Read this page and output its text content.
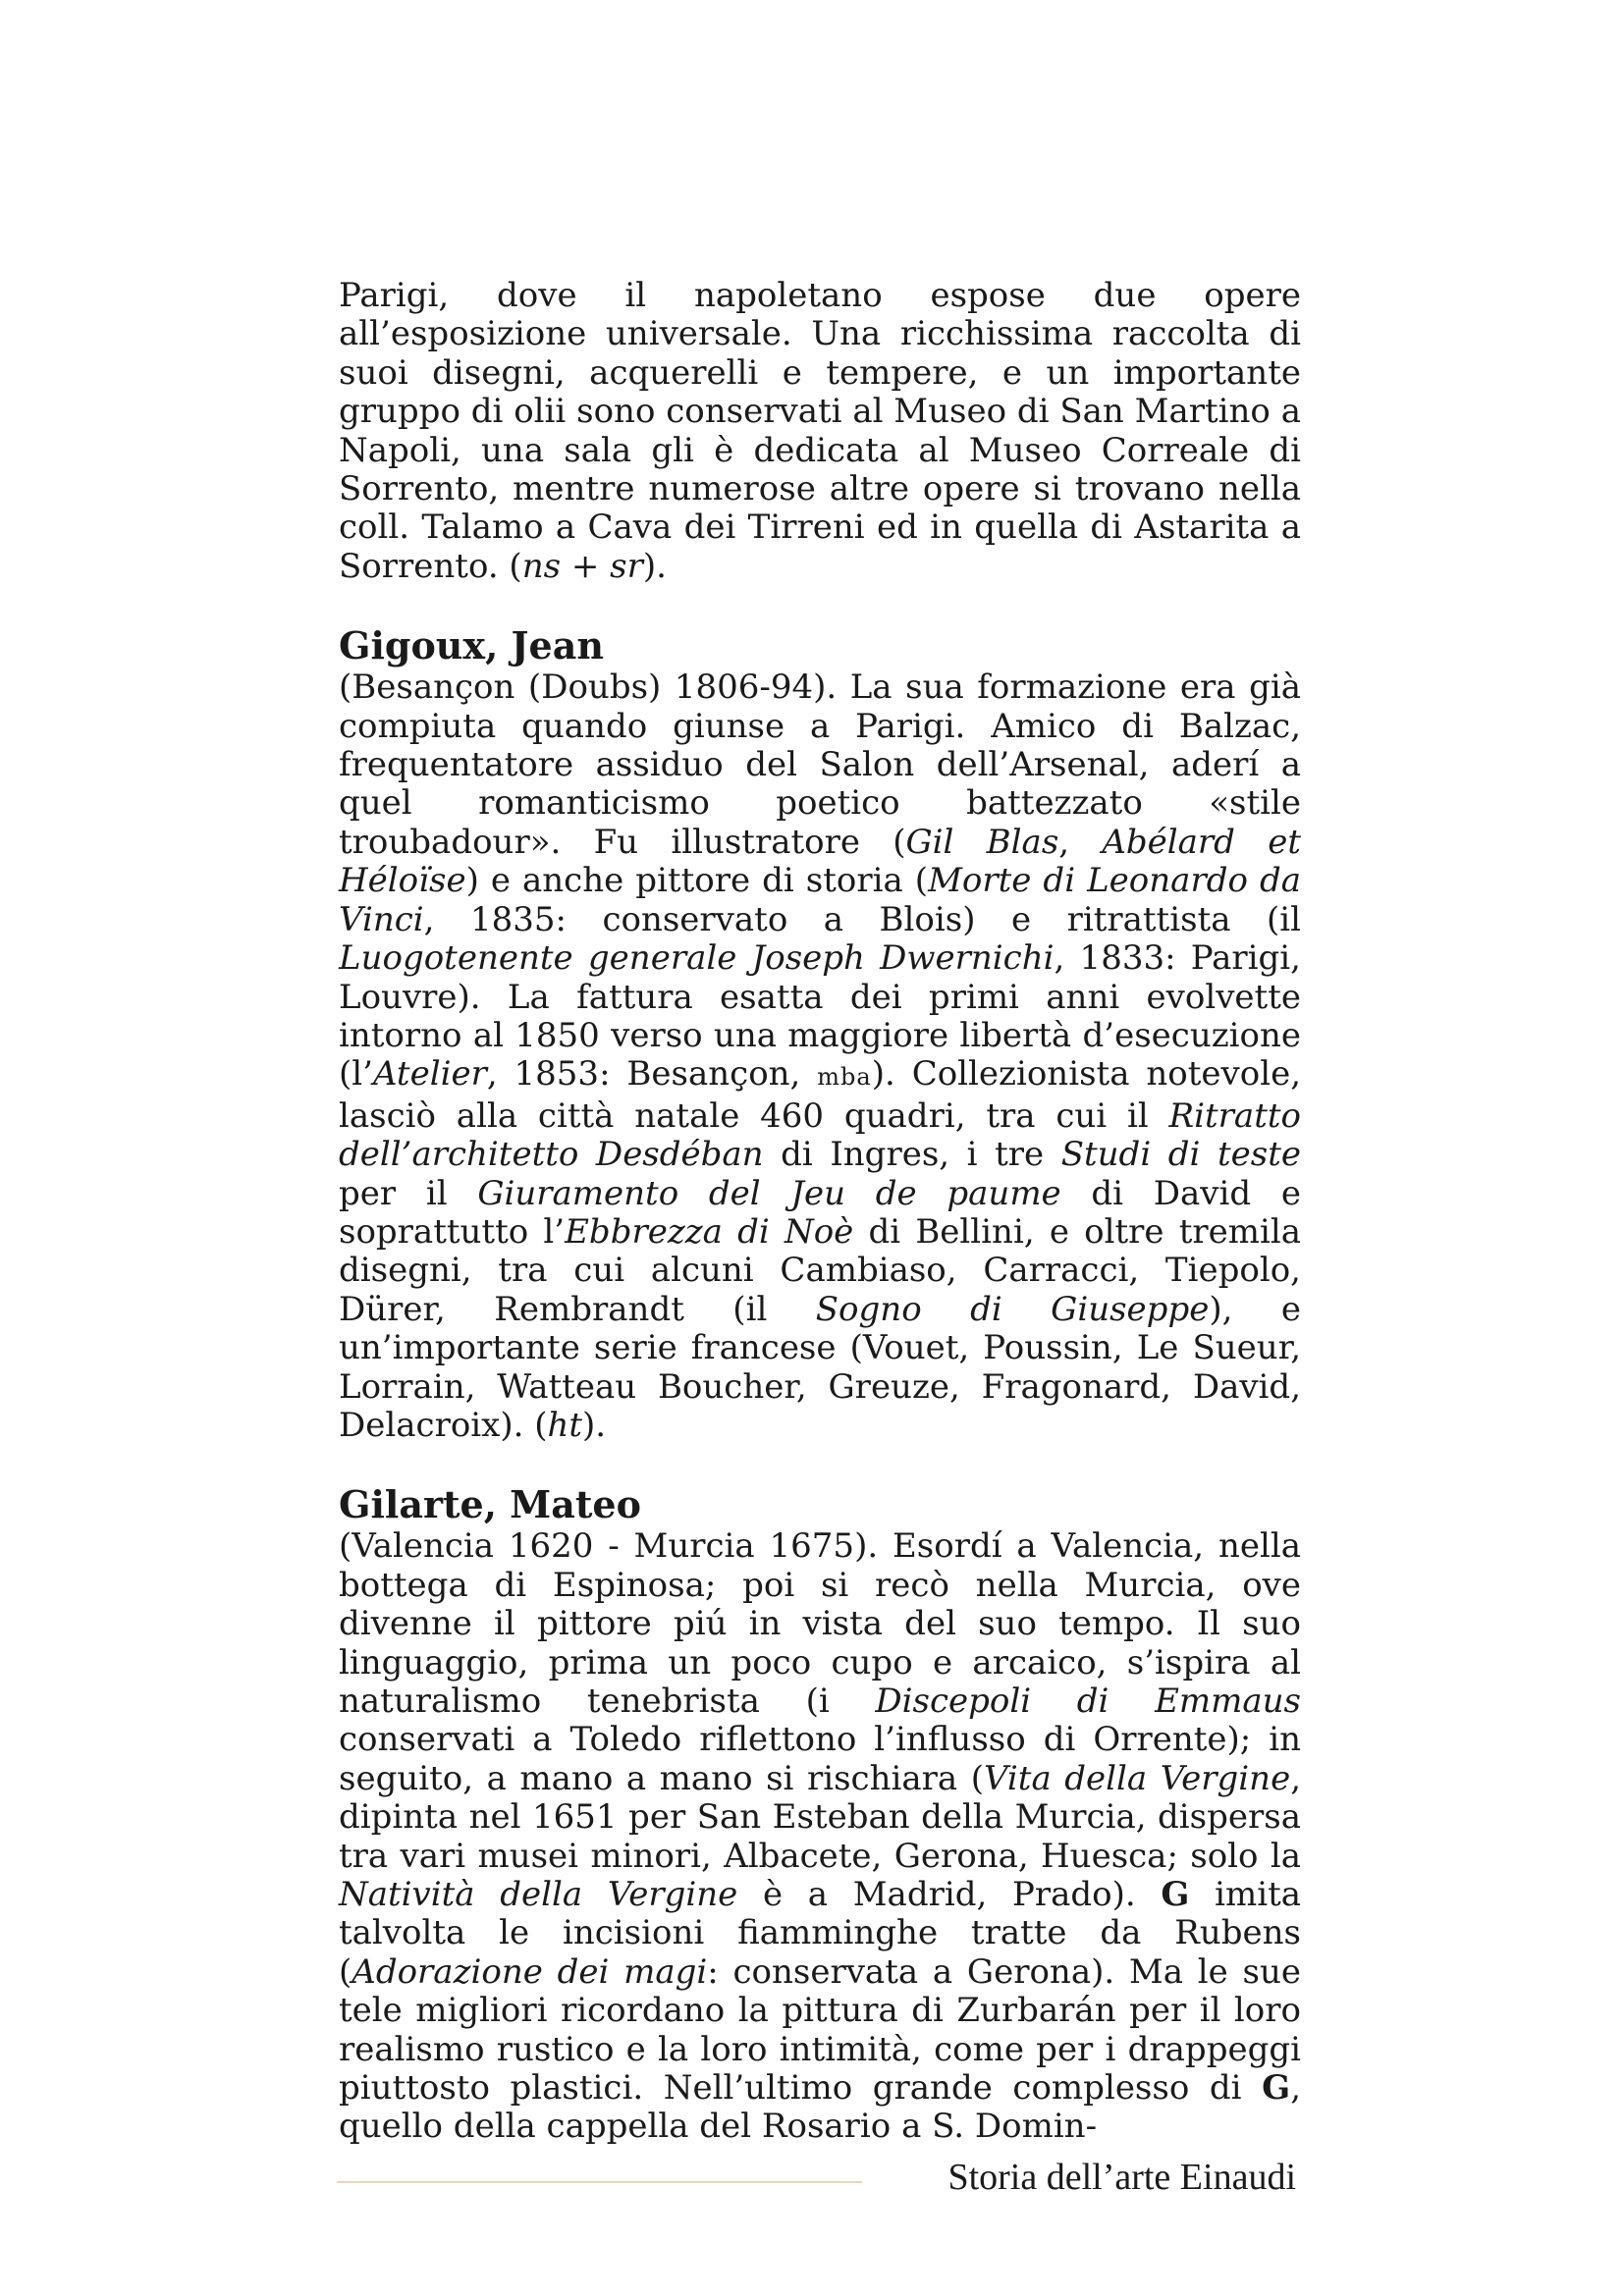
Parigi, dove il napoletano espose due opere all’esposizione universale. Una ricchissima raccolta di suoi disegni, acquerelli e tempere, e un importante gruppo di olii sono conservati al Museo di San Martino a Napoli, una sala gli è dedicata al Museo Correale di Sorrento, mentre numerose altre opere si trovano nella coll. Talamo a Cava dei Tirreni ed in quella di Astarita a Sorrento. (ns + sr).

Gigoux, Jean

(Besançon (Doubs) 1806-94). La sua formazione era già compiuta quando giunse a Parigi. Amico di Balzac, frequentatore assiduo del Salon dell’Arsenal, aderí a quel romanticismo poetico battezzato «stile troubadour». Fu illustratore (Gil Blas, Abélard et Héloïse) e anche pittore di storia (Morte di Leonardo da Vinci, 1835: conservato a Blois) e ritrattista (il Luogotenente generale Joseph Dwernichi, 1833: Parigi, Louvre). La fattura esatta dei primi anni evolvette intorno al 1850 verso una maggiore libertà d’esecuzione (l’Atelier, 1853: Besançon, mba). Collezionista notevole, lasciò alla città natale 460 quadri, tra cui il Ritratto dell’architetto Desdéban di Ingres, i tre Studi di teste per il Giuramento del Jeu de paume di David e soprattutto l’Ebbrezza di Noè di Bellini, e oltre tremila disegni, tra cui alcuni Cambiaso, Carracci, Tiepolo, Dürer, Rembrandt (il Sogno di Giuseppe), e un’importante serie francese (Vouet, Poussin, Le Sueur, Lorrain, Watteau Boucher, Greuze, Fragonard, David, Delacroix). (ht).

Gilarte, Mateo

(Valencia 1620 - Murcia 1675). Esordí a Valencia, nella bottega di Espinosa; poi si recò nella Murcia, ove divenne il pittore piú in vista del suo tempo. Il suo linguaggio, prima un poco cupo e arcaico, s’ispira al naturalismo tenebrista (i Discepoli di Emmaus conservati a Toledo riflettono l’influsso di Orrente); in seguito, a mano a mano si rischiara (Vita della Vergine, dipinta nel 1651 per San Esteban della Murcia, dispersa tra vari musei minori, Albacete, Gerona, Huesca; solo la Natività della Vergine è a Madrid, Prado). G imita talvolta le incisioni fiamminghe tratte da Rubens (Adorazione dei magi: conservata a Gerona). Ma le sue tele migliori ricordano la pittura di Zurbarán per il loro realismo rustico e la loro intimità, come per i drappeggi piuttosto plastici. Nell’ultimo grande complesso di G, quello della cappella del Rosario a S. Domin-

Storia dell’arte Einaudi
